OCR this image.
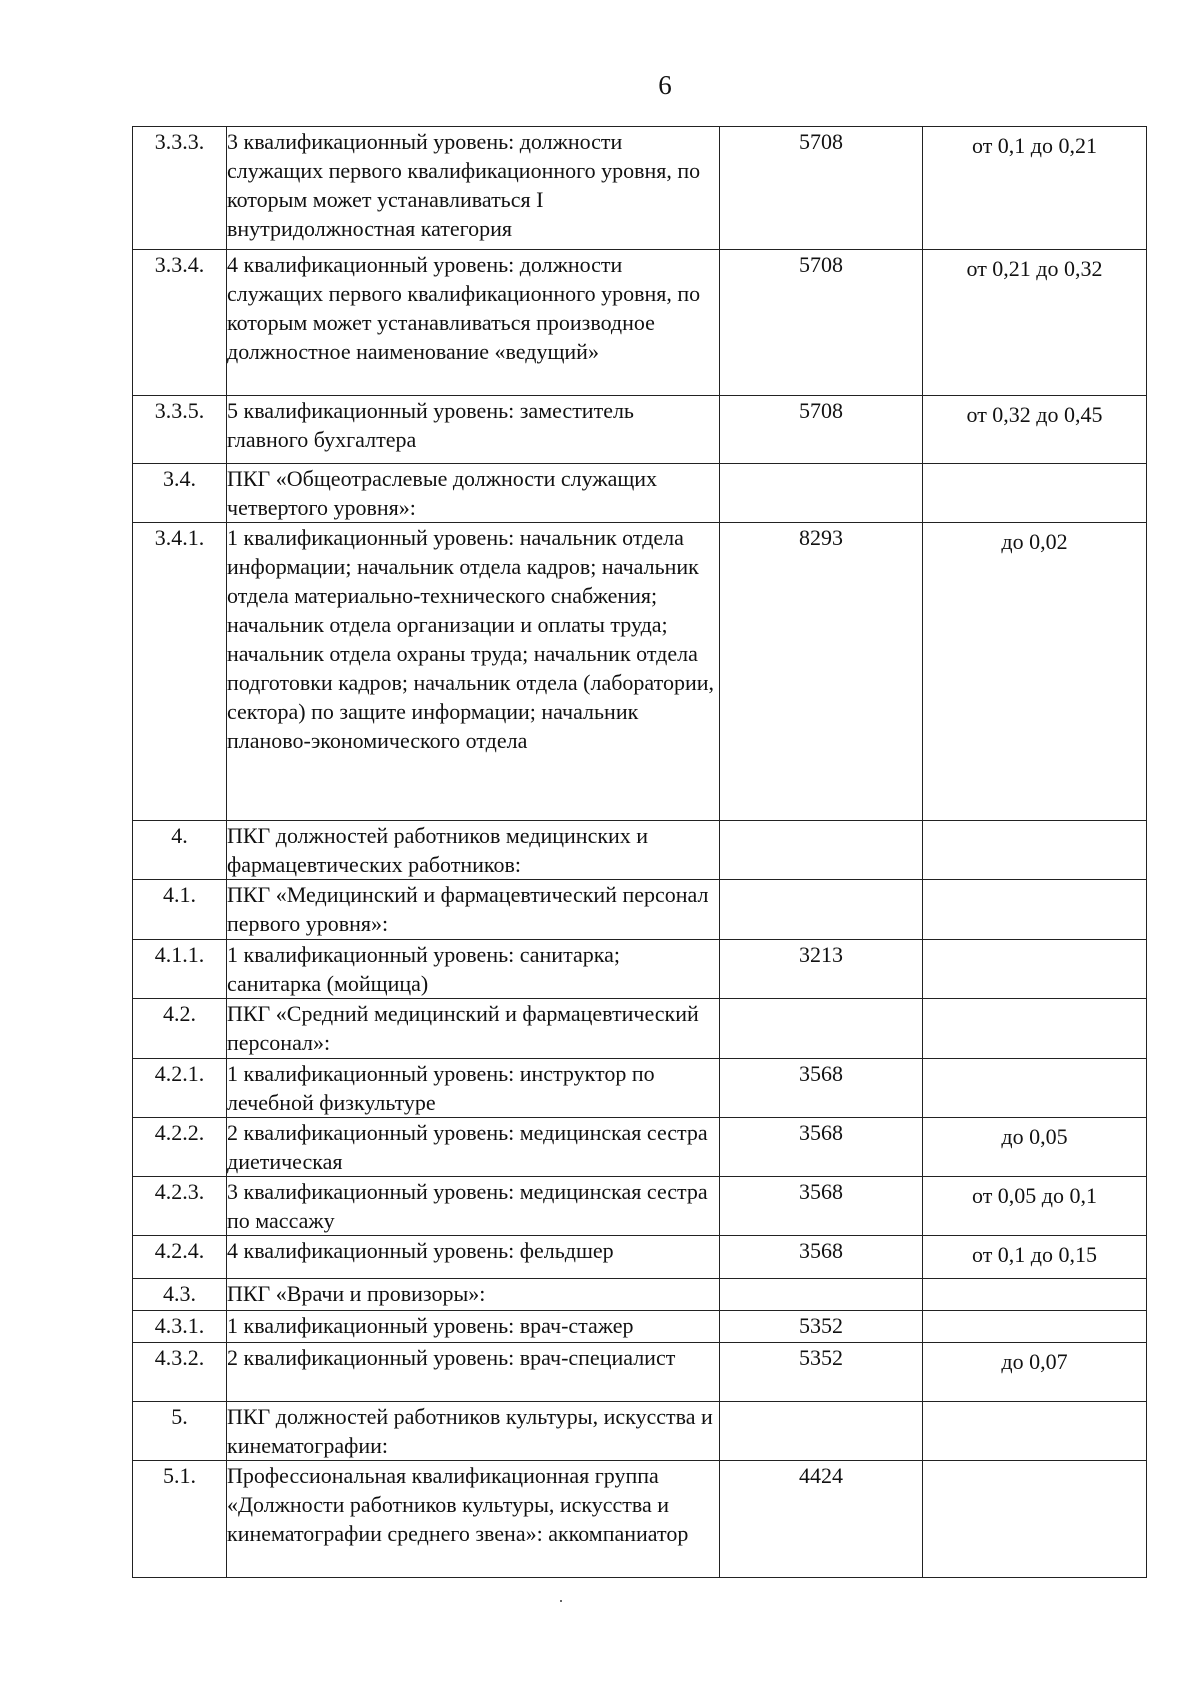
6
3.3.3.	3 квалификационный уровень: должности служащих первого квалификационного уровня, по которым может устанавливаться I внутридолжностная категория	5708	от 0,1 до 0,21
3.3.4.	4 квалификационный уровень: должности служащих первого квалификационного уровня, по которым может устанавливаться производное должностное наименование «ведущий»	5708	от 0,21 до 0,32
3.3.5.	5 квалификационный уровень: заместитель главного бухгалтера	5708	от 0,32 до 0,45
3.4.	ПКГ «Общеотраслевые должности служащих четвертого уровня»:		
3.4.1.	1 квалификационный уровень: начальник отдела информации; начальник отдела кадров; начальник отдела материально-технического снабжения; начальник отдела организации и оплаты труда; начальник отдела охраны труда; начальник отдела подготовки кадров; начальник отдела (лаборатории, сектора) по защите информации; начальник планово-экономического отдела	8293	до 0,02
4.	ПКГ должностей работников медицинских и фармацевтических работников:		
4.1.	ПКГ «Медицинский и фармацевтический персонал первого уровня»:		
4.1.1.	1 квалификационный уровень: санитарка; санитарка (мойщица)	3213	
4.2.	ПКГ «Средний медицинский и фармацевтический персонал»:		
4.2.1.	1 квалификационный уровень: инструктор по лечебной физкультуре	3568	
4.2.2.	2 квалификационный уровень: медицинская сестра диетическая	3568	до 0,05
4.2.3.	3 квалификационный уровень: медицинская сестра по массажу	3568	от 0,05 до 0,1
4.2.4.	4 квалификационный уровень: фельдшер	3568	от 0,1 до 0,15
4.3.	ПКГ «Врачи и провизоры»:		
4.3.1.	1 квалификационный уровень: врач-стажер	5352	
4.3.2.	2 квалификационный уровень: врач-специалист	5352	до 0,07
5.	ПКГ должностей работников культуры, искусства и кинематографии:		
5.1.	Профессиональная квалификационная группа «Должности работников культуры, искусства и кинематографии среднего звена»: аккомпаниатор	4424	
